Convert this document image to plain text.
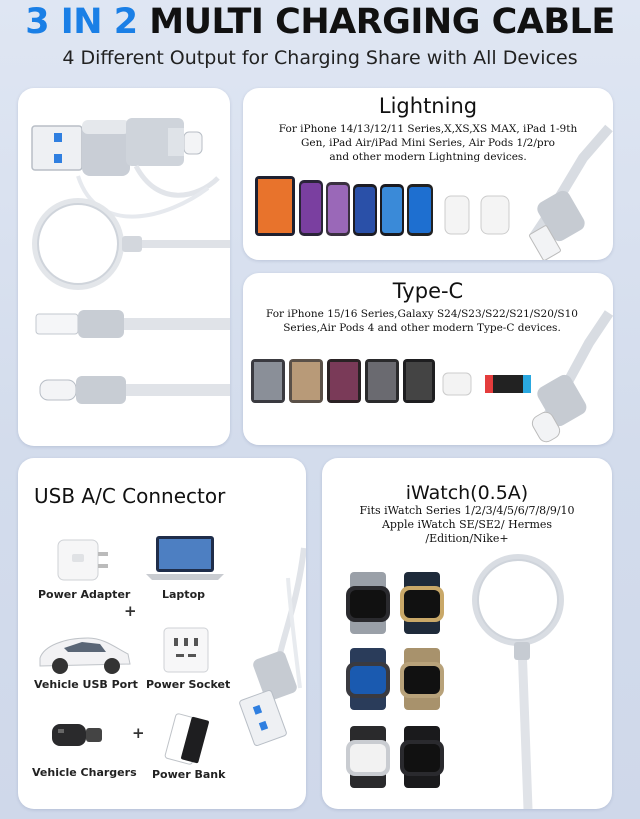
3 IN 2 MULTI CHARGING CABLE
4 Different Output for Charging Share with All Devices
Lightning
For iPhone 14/13/12/11 Series,X,XS,XS MAX, iPad 1-9th
Gen, iPad Air/iPad Mini Series, Air Pods 1/2/pro
and other modern Lightning devices.
Type-C
For iPhone 15/16 Series,Galaxy S24/S23/S22/S21/S20/S10
Series,Air Pods 4 and other modern Type-C devices.
USB A/C Connector
Power Adapter	Laptop
+
Vehicle USB Port Power Socket
Vehicle Chargers
+
Power Bank
iWatch(0.5A)
Fits iWatch Series 1/2/3/4/5/6/7/8/9/10
Apple iWatch SE/SE2/ Hermes
/Edition/Nike+
